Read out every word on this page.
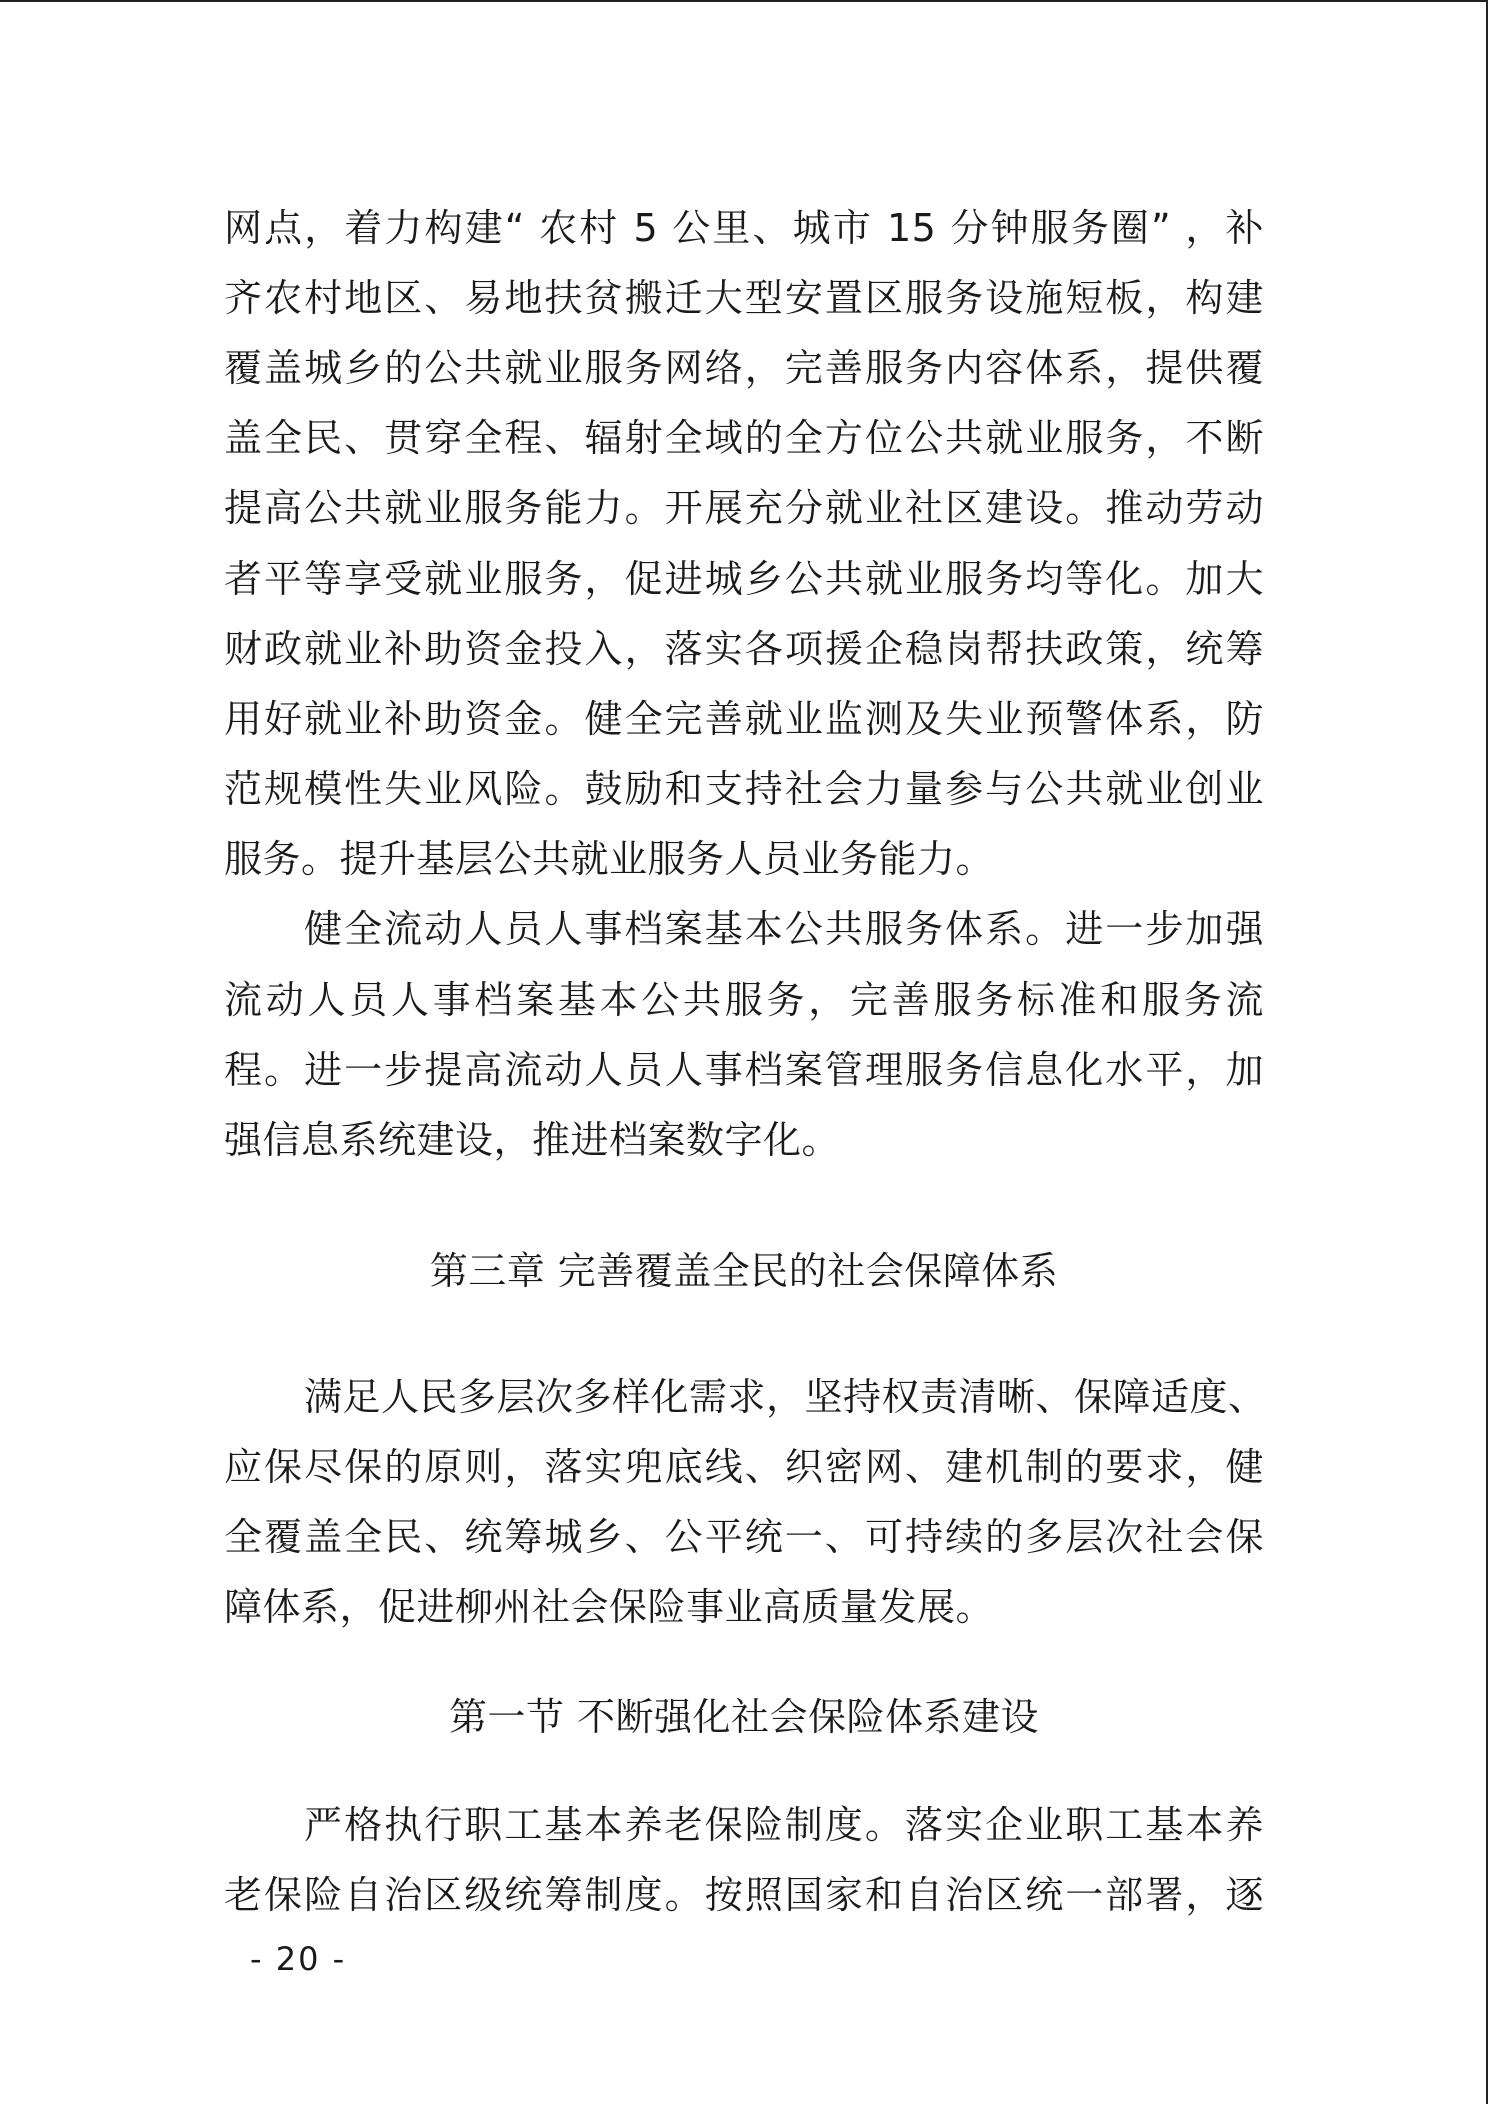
网点，着力构建“ 农村 5 公里、城市 15 分钟服务圈” ，补
齐农村地区、易地扶贫搬迁大型安置区服务设施短板，构建
覆盖城乡的公共就业服务网络，完善服务内容体系，提供覆
盖全民、贯穿全程、辐射全域的全方位公共就业服务，不断
提高公共就业服务能力。开展充分就业社区建设。推动劳动
者平等享受就业服务，促进城乡公共就业服务均等化。加大
财政就业补助资金投入，落实各项援企稳岗帮扶政策，统筹
用好就业补助资金。健全完善就业监测及失业预警体系，防
范规模性失业风险。鼓励和支持社会力量参与公共就业创业
服务。提升基层公共就业服务人员业务能力。
健全流动人员人事档案基本公共服务体系。进一步加强
流动人员人事档案基本公共服务，完善服务标准和服务流
程。进一步提高流动人员人事档案管理服务信息化水平，加
强信息系统建设，推进档案数字化。
第三章 完善覆盖全民的社会保障体系
满足人民多层次多样化需求，坚持权责清晰、保障适度、
应保尽保的原则，落实兜底线、织密网、建机制的要求，健
全覆盖全民、统筹城乡、公平统一、可持续的多层次社会保
障体系，促进柳州社会保险事业高质量发展。
第一节 不断强化社会保险体系建设
严格执行职工基本养老保险制度。落实企业职工基本养
老保险自治区级统筹制度。按照国家和自治区统一部署，逐
- 20 -
